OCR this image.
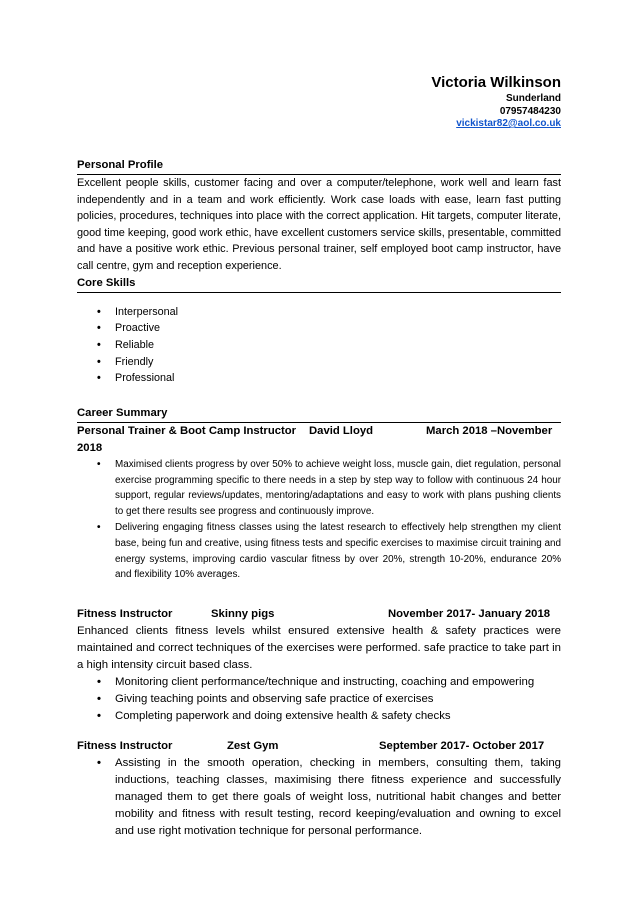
Victoria Wilkinson
Sunderland
07957484230
vickistar82@aol.co.uk
Personal Profile

Excellent people skills, customer facing and over a computer/telephone, work well and learn fast independently and in a team and work efficiently. Work case loads with ease, learn fast putting policies, procedures, techniques into place with the correct application. Hit targets, computer literate, good time keeping, good work ethic, have excellent customers service skills, presentable, committed and have a positive work ethic. Previous personal trainer, self employed boot camp instructor, have call centre, gym and reception experience.

Core Skills
• Interpersonal
• Proactive
• Reliable
• Friendly
• Professional
Career Summary
Personal Trainer & Boot Camp Instructor David Lloyd	March 2018 –November
2018
• Maximised clients progress by over 50% to achieve weight loss, muscle gain, diet regulation, personal exercise programming specific to there needs in a step by step way to follow with continuous 24 hour support, regular reviews/updates, mentoring/adaptations and easy to work with plans pushing clients to get there results see progress and continuously improve.
• Delivering engaging fitness classes using the latest research to effectively help strengthen my client base, being fun and creative, using fitness tests and specific exercises to maximise circuit training and energy systems, improving cardio vascular fitness by over 20%, strength 10-20%, endurance 20% and flexibility 10% averages.
Fitness Instructor	Skinny pigs	November 2017- January 2018

Enhanced clients fitness levels whilst ensured extensive health & safety practices were maintained and correct techniques of the exercises were performed. safe practice to take part in a high intensity circuit based class.

• Monitoring client performance/technique and instructing, coaching and empowering
• Giving teaching points and observing safe practice of exercises
• Completing paperwork and doing extensive health & safety checks
Fitness Instructor	Zest Gym	September 2017- October 2017
• Assisting in the smooth operation, checking in members, consulting them, taking inductions, teaching classes, maximising there fitness experience and successfully managed them to get there goals of weight loss, nutritional habit changes and better mobility and fitness with result testing, record keeping/evaluation and owning to excel and use right motivation technique for personal performance.
